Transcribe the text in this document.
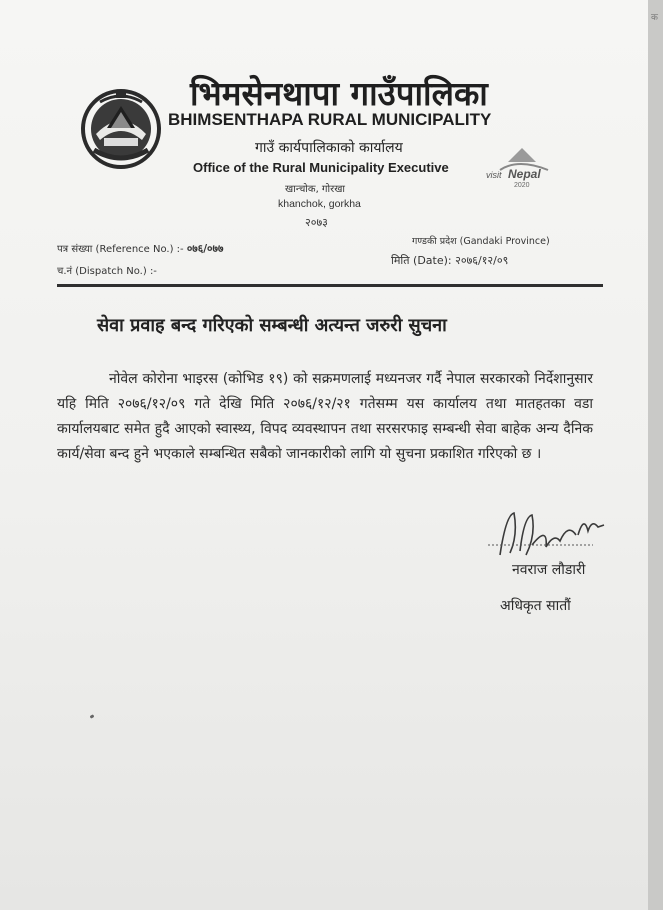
भिमसेनथापा गाउँपालिका
BHIMSENTHAPA RURAL MUNICIPALITY
गाउँ कार्यपालिकाको कार्यालय
Office of the Rural Municipality Executive
खान्चोक, गोरखा
khanchok, gorkha
२०७३
visit Nepal
2020
पत्र संख्या (Reference No.) :- ०७६/०७७
च.नं (Dispatch No.) :-
गण्डकी प्रदेश (Gandaki Province)
मिति (Date): २०७६/१२/०९
सेवा प्रवाह बन्द गरिएको सम्बन्धी अत्यन्त जरुरी सुचना
नोवेल कोरोना भाइरस (कोभिड १९) को सक्रमणलाई मध्यनजर गर्दै नेपाल सरकारको निर्देशानुसार यहि मिति २०७६/१२/०९ गते देखि मिति २०७६/१२/२१ गतेसम्म यस कार्यालय तथा मातहतका वडा कार्यालयबाट समेत हुदै आएको स्वास्थ्य, विपद व्यवस्थापन तथा सरसरफाइ सम्बन्धी सेवा बाहेक अन्य दैनिक कार्य/सेवा बन्द हुने भएकाले सम्बन्धित सबैको जानकारीको लागि यो सुचना प्रकाशित गरिएको छ ।
नवराज लौडारी
अधिकृत सातौं
क
